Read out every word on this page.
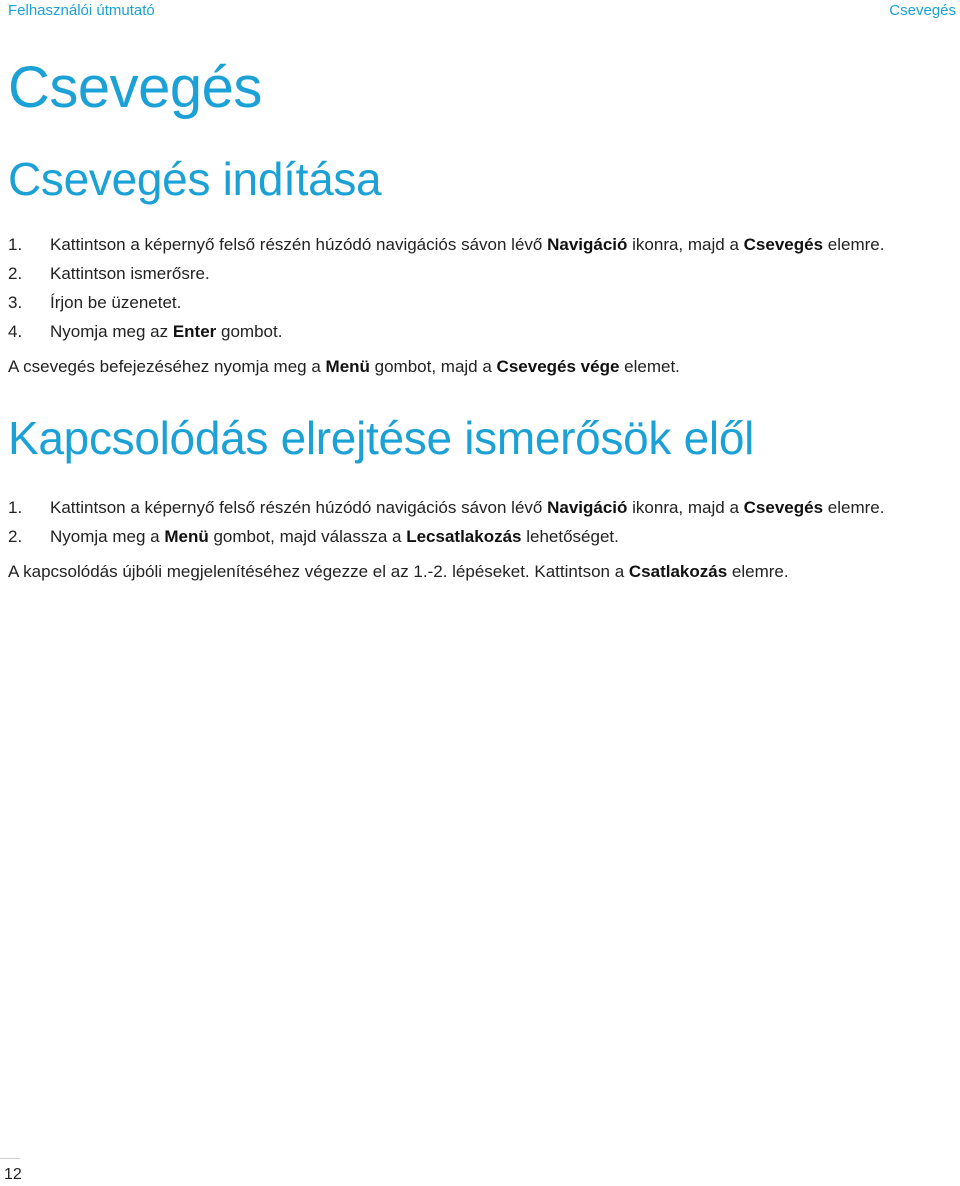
Felhasználói útmutató	Csevegés
Csevegés
Csevegés indítása
1.	Kattintson a képernyő felső részén húzódó navigációs sávon lévő Navigáció ikonra, majd a Csevegés elemre.
2.	Kattintson ismerősre.
3.	Írjon be üzenetet.
4.	Nyomja meg az Enter gombot.

A csevegés befejezéséhez nyomja meg a Menü gombot, majd a Csevegés vége elemet.

Kapcsolódás elrejtése ismerősök elől
1.	Kattintson a képernyő felső részén húzódó navigációs sávon lévő Navigáció ikonra, majd a Csevegés elemre.
2.	Nyomja meg a Menü gombot, majd válassza a Lecsatlakozás lehetőséget.

A kapcsolódás újbóli megjelenítéséhez végezze el az 1.-2. lépéseket. Kattintson a Csatlakozás elemre.

12
